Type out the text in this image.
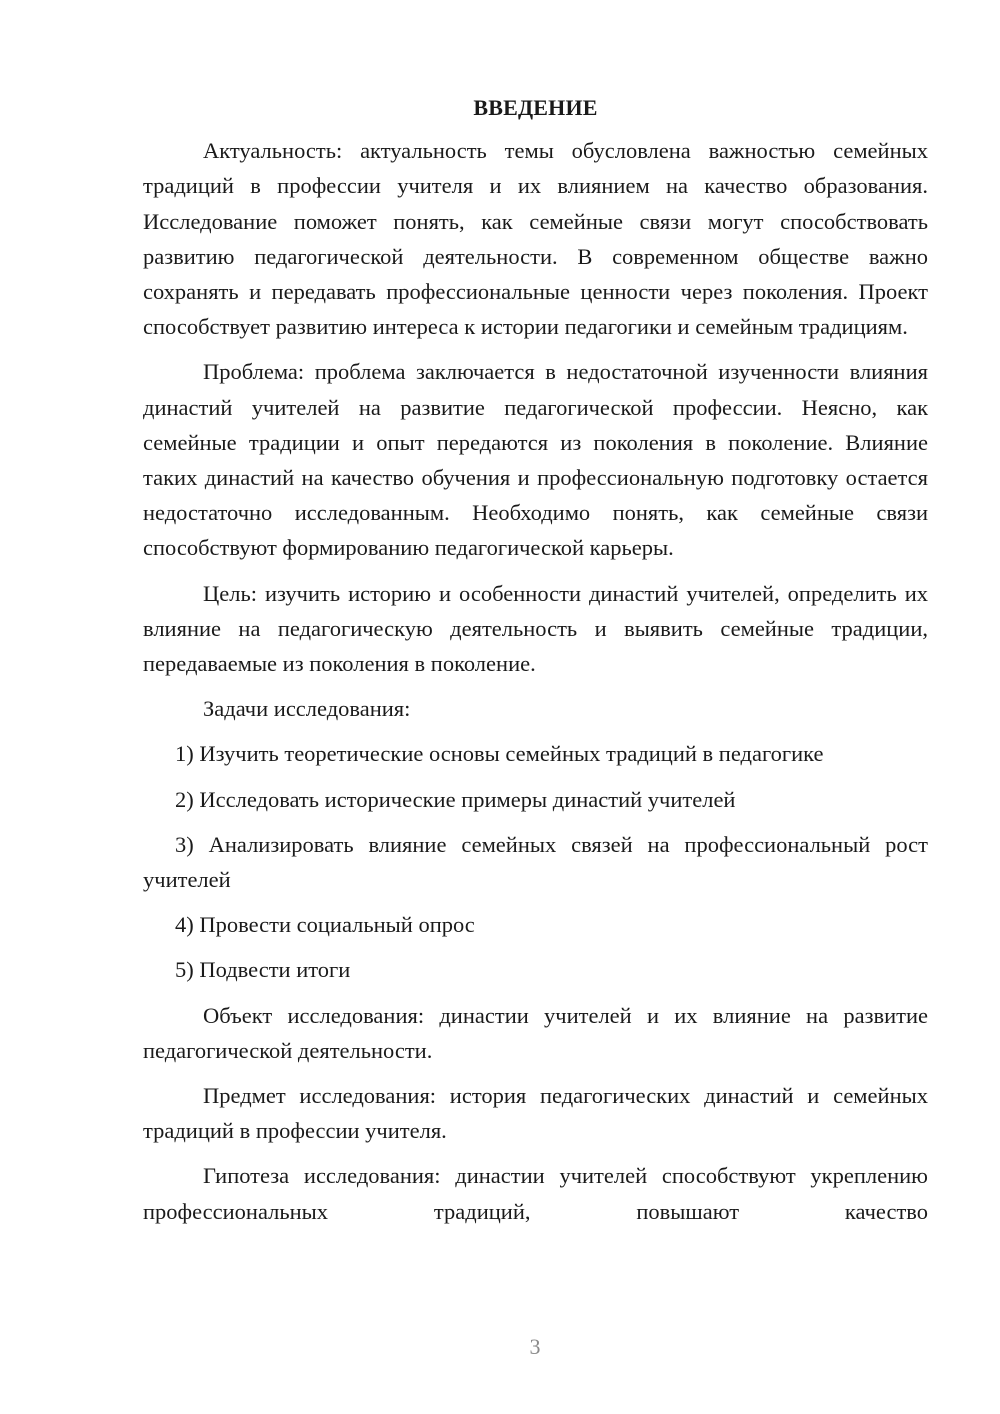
ВВЕДЕНИЕ

Актуальность: актуальность темы обусловлена важностью семейных традиций в профессии учителя и их влиянием на качество образования. Исследование поможет понять, как семейные связи могут способствовать развитию педагогической деятельности. В современном обществе важно сохранять и передавать профессиональные ценности через поколения. Проект способствует развитию интереса к истории педагогики и семейным традициям.

Проблема: проблема заключается в недостаточной изученности влияния династий учителей на развитие педагогической профессии. Неясно, как семейные традиции и опыт передаются из поколения в поколение. Влияние таких династий на качество обучения и профессиональную подготовку остается недостаточно исследованным. Необходимо понять, как семейные связи способствуют формированию педагогической карьеры.

Цель: изучить историю и особенности династий учителей, определить их влияние на педагогическую деятельность и выявить семейные традиции, передаваемые из поколения в поколение.

Задачи исследования:

1) Изучить теоретические основы семейных традиций в педагогике

2) Исследовать исторические примеры династий учителей

3) Анализировать влияние семейных связей на профессиональный рост учителей

4) Провести социальный опрос

5) Подвести итоги

Объект исследования: династии учителей и их влияние на развитие педагогической деятельности.

Предмет исследования: история педагогических династий и семейных традиций в профессии учителя.

Гипотеза исследования: династии учителей способствуют укреплению профессиональных традиций, повышают качество

3
